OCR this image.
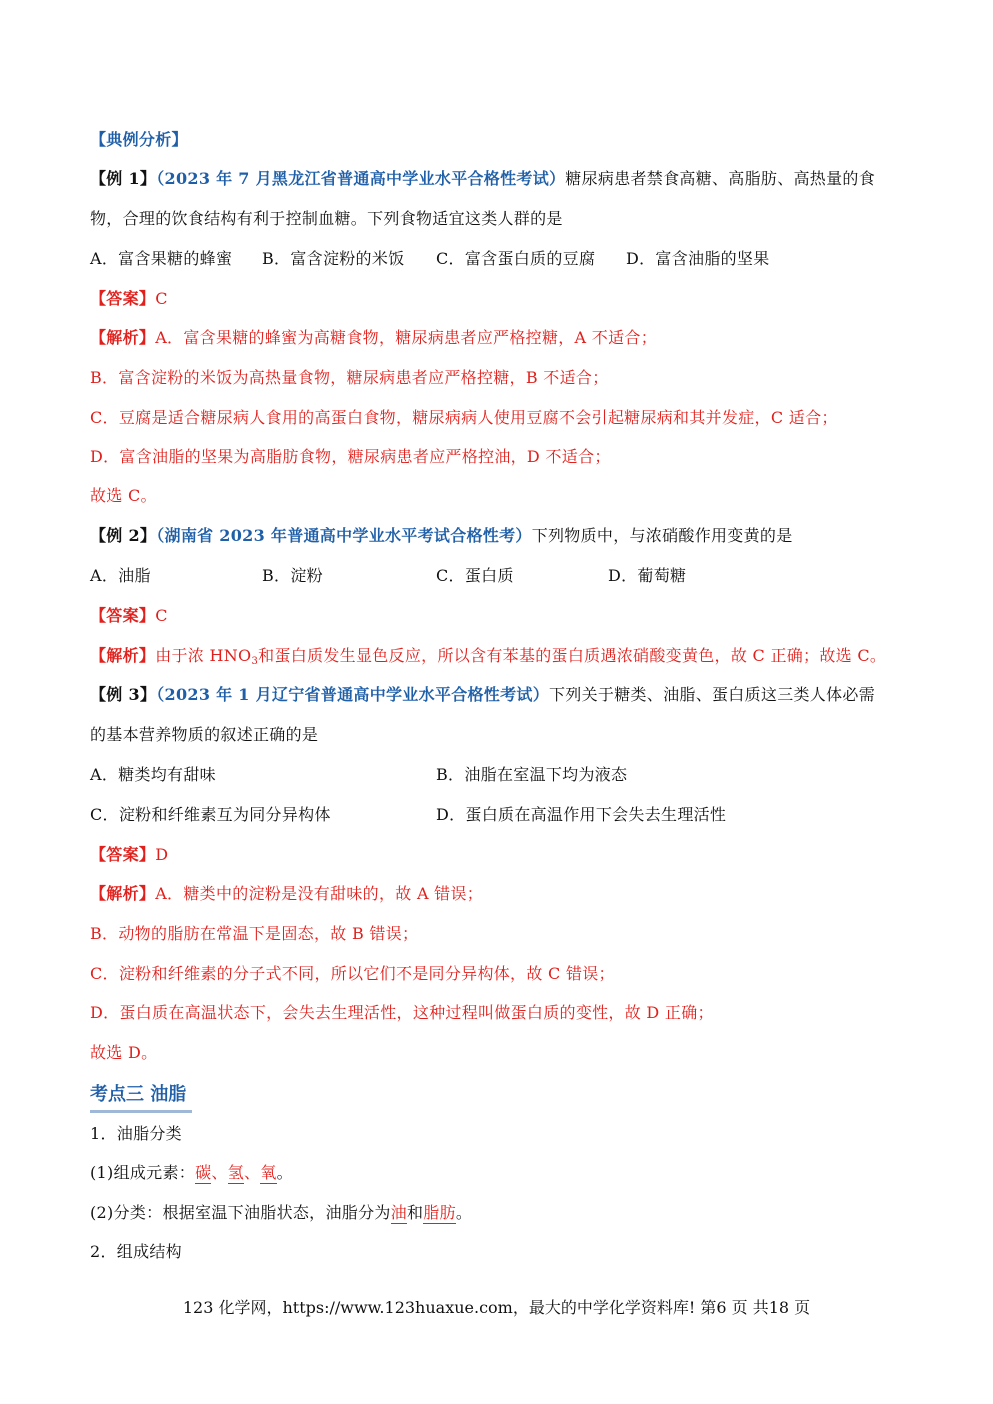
【典例分析】
【例 1】（2023 年 7 月黑龙江省普通高中学业水平合格性考试）糖尿病患者禁食高糖、高脂肪、高热量的食
物，合理的饮食结构有利于控制血糖。下列食物适宜这类人群的是
A．富含果糖的蜂蜜 B．富含淀粉的米饭 C．富含蛋白质的豆腐 D．富含油脂的坚果
【答案】C
【解析】A．富含果糖的蜂蜜为高糖食物，糖尿病患者应严格控糖，A 不适合；
B．富含淀粉的米饭为高热量食物，糖尿病患者应严格控糖，B 不适合；
C．豆腐是适合糖尿病人食用的高蛋白食物，糖尿病病人使用豆腐不会引起糖尿病和其并发症，C 适合；
D．富含油脂的坚果为高脂肪食物，糖尿病患者应严格控油，D 不适合；
故选 C。
【例 2】（湖南省 2023 年普通高中学业水平考试合格性考）下列物质中，与浓硝酸作用变黄的是
A．油脂	B．淀粉	C．蛋白质	D．葡萄糖
【答案】C
【解析】由于浓 $HNO_3$和蛋白质发生显色反应，所以含有苯基的蛋白质遇浓硝酸变黄色，故 C 正确；故选 C。
【例 3】（2023 年 1 月辽宁省普通高中学业水平合格性考试）下列关于糖类、油脂、蛋白质这三类人体必需
的基本营养物质的叙述正确的是
A．糖类均有甜味	B．油脂在室温下均为液态
C．淀粉和纤维素互为同分异构体	D．蛋白质在高温作用下会失去生理活性
【答案】D
【解析】A．糖类中的淀粉是没有甜味的，故 A 错误；
B．动物的脂肪在常温下是固态，故 B 错误；
C．淀粉和纤维素的分子式不同，所以它们不是同分异构体，故 C 错误；
D．蛋白质在高温状态下，会失去生理活性，这种过程叫做蛋白质的变性，故 D 正确；
故选 D。
考点三 油脂
1．油脂分类
(1)组成元素：碳、氢、氧。
(2)分类：根据室温下油脂状态，油脂分为油和脂肪。
2．组成结构
123 化学网，https://www.123huaxue.com，最大的中学化学资料库! 第6 页 共18 页
